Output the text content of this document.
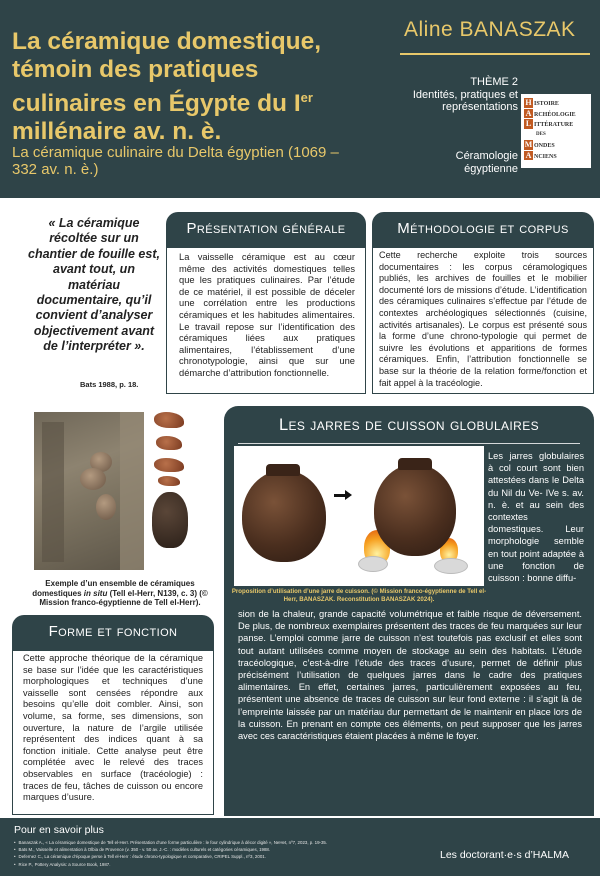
La céramique domestique, témoin des pratiques culinaires en Égypte du Ier millénaire av. n. è.
La céramique culinaire du Delta égyptien (1069 – 332 av. n. è.)
Aline BANASZAK
THÈME 2
Identités, pratiques et représentations
Céramologie égyptienne
H istoire
A rchéologie
L ittérature
des
M ondes
A nciens
« La céramique récoltée sur un chantier de fouille est, avant tout, un matériau documentaire, qu’il convient d’analyser objectivement avant de l’interpréter ».
Bats 1988, p. 18.
Présentation générale
La vaisselle céramique est au cœur même des activités domestiques telles que les pratiques culinaires. Par l’étude de ce matériel, il est possible de déceler une corrélation entre les productions céramiques et les habitudes alimentaires. Le travail repose sur l’identification des céramiques liées aux pratiques alimentaires, l’établissement d’une chronotypologie, ainsi que sur une démarche d’attribution fonctionnelle.
Méthodologie et corpus
Cette recherche exploite trois sources documentaires : les corpus céramologiques publiés, les archives de fouilles et le mobilier documenté lors de missions d’étude. L’identification des céramiques culinaires s’effectue par l’étude de contextes archéologiques sélectionnés (cuisine, activités artisanales). Le corpus est présenté sous la forme d’une chrono-typologie qui permet de suivre les évolutions et apparitions de formes céramiques. Enfin, l’attribution fonctionnelle se base sur la théorie de la relation forme/fonction et fait appel à la tracéologie.
Exemple d’un ensemble de céramiques domestiques in situ (Tell el-Herr, N139, c. 3) (© Mission franco-égyptienne de Tell el-Herr).
Forme et fonction
Cette approche théorique de la céramique se base sur l’idée que les caractéristiques morphologiques et techniques d’une vaisselle sont censées répondre aux besoins qu’elle doit combler. Ainsi, son volume, sa forme, ses dimensions, son ouverture, la nature de l’argile utilisée représentent des indices quant à sa fonction initiale. Cette analyse peut être complétée avec le relevé des traces observables en surface (tracéologie) : traces de feu, tâches de cuisson ou encore marques d’usure.
Les jarres de cuisson globulaires
Proposition d’utilisation d’une jarre de cuisson. (© Mission franco-égyptienne de Tell el-Herr, BANASZAK. Reconstitution BANASZAK 2024).
Les jarres globulaires à col court sont bien attestées dans le Delta du Nil du Ve- IVe s. av. n. è. et au sein des contextes domestiques. Leur morphologie semble en tout point adaptée à une fonction de cuisson : bonne diffu-
sion de la chaleur, grande capacité volumétrique et faible risque de déversement. De plus, de nombreux exemplaires présentent des traces de feu marquées sur leur panse. L’emploi comme jarre de cuisson n’est toutefois pas exclusif et elles sont tout autant utilisées comme moyen de stockage au sein des habitats. L’étude tracéologique, c’est-à-dire l’étude des traces d’usure, permet de définir plus précisément l’utilisation de quelques jarres dans le cadre des pratiques alimentaires. En effet, certaines jarres, particulièrement exposées au feu, présentent une absence de traces de cuisson sur leur fond externe : il s’agit là de l’empreinte laissée par un matériau dur permettant de le maintenir en place lors de la cuisson. En prenant en compte ces éléments, on peut supposer que les jarres avec ces caractéristiques étaient placées à même le foyer.
Pour en savoir plus
• Banaszak A., « La céramique domestique de Tell el-Herr. Présentation d’une forme particulière : le four cylindrique à décor digité », NeHet, nº7, 2023, p. 19-35.
• Bats M., Vaisselle et alimentation à Olbia de Provence (v. 350 - v. 50 av. J.-C. : modèles culturels et catégories céramiques, 1988.
• Defernez C., La céramique d’époque perse à Tell el-Herr : étude chrono-typologique et comparative, CRIPEL Suppl., nº3, 2001.
• Rice P., Pottery Analysis: a Source Book, 1987.
Les doctorant·e·s d’HALMA
